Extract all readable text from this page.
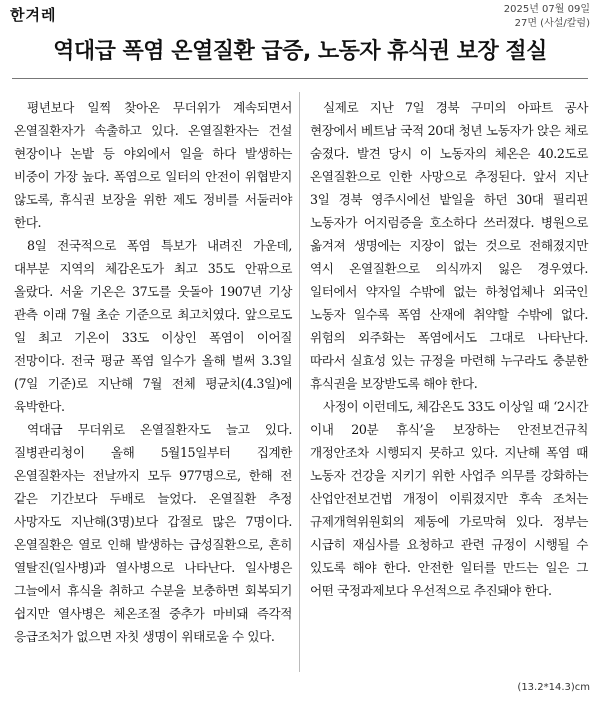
한겨레	2025년 07월 09일
27면 (사설/칼럼)
역대급 폭염 온열질환 급증, 노동자 휴식권 보장 절실

평년보다 일찍 찾아온 무더위가 계속되면서 온열질환자가 속출하고 있다. 온열질환자는 건설 현장이나 논밭 등 야외에서 일을 하다 발생하는 비중이 가장 높다. 폭염으로 일터의 안전이 위협받지 않도록, 휴식권 보장을 위한 제도 정비를 서둘러야 한다.

8일 전국적으로 폭염 특보가 내려진 가운데, 대부분 지역의 체감온도가 최고 35도 안팎으로 올랐다. 서울 기온은 37도를 웃돌아 1907년 기상 관측 이래 7월 초순 기준으로 최고치였다. 앞으로도 일 최고 기온이 33도 이상인 폭염이 이어질 전망이다. 전국 평균 폭염 일수가 올해 벌써 3.3일(7일 기준)로 지난해 7월 전체 평균치(4.3일)에 육박한다.

역대급 무더위로 온열질환자도 늘고 있다. 질병관리청이 올해 5월15일부터 집계한 온열질환자는 전날까지 모두 977명으로, 한해 전 같은 기간보다 두배로 늘었다. 온열질환 추정 사망자도 지난해(3명)보다 갑절로 많은 7명이다. 온열질환은 열로 인해 발생하는 급성질환으로, 흔히 열탈진(일사병)과 열사병으로 나타난다. 일사병은 그늘에서 휴식을 취하고 수분을 보충하면 회복되기 쉽지만 열사병은 체온조절 중추가 마비돼 즉각적 응급조처가 없으면 자칫 생명이 위태로울 수 있다.

실제로 지난 7일 경북 구미의 아파트 공사 현장에서 베트남 국적 20대 청년 노동자가 앉은 채로 숨졌다. 발견 당시 이 노동자의 체온은 40.2도로 온열질환으로 인한 사망으로 추정된다. 앞서 지난 3일 경북 영주시에선 밭일을 하던 30대 필리핀 노동자가 어지럼증을 호소하다 쓰러졌다. 병원으로 옮겨져 생명에는 지장이 없는 것으로 전해졌지만 역시 온열질환으로 의식까지 잃은 경우였다. 일터에서 약자일 수밖에 없는 하청업체나 외국인 노동자 일수록 폭염 산재에 취약할 수밖에 없다. 위험의 외주화는 폭염에서도 그대로 나타난다. 따라서 실효성 있는 규정을 마련해 누구라도 충분한 휴식권을 보장받도록 해야 한다.

사정이 이런데도, 체감온도 33도 이상일 때 ‘2시간 이내 20분 휴식’을 보장하는 안전보건규칙 개정안조차 시행되지 못하고 있다. 지난해 폭염 때 노동자 건강을 지키기 위한 사업주 의무를 강화하는 산업안전보건법 개정이 이뤄졌지만 후속 조처는 규제개혁위원회의 제동에 가로막혀 있다. 정부는 시급히 재심사를 요청하고 관련 규정이 시행될 수 있도록 해야 한다. 안전한 일터를 만드는 일은 그 어떤 국정과제보다 우선적으로 추진돼야 한다.

(13.2*14.3)cm
